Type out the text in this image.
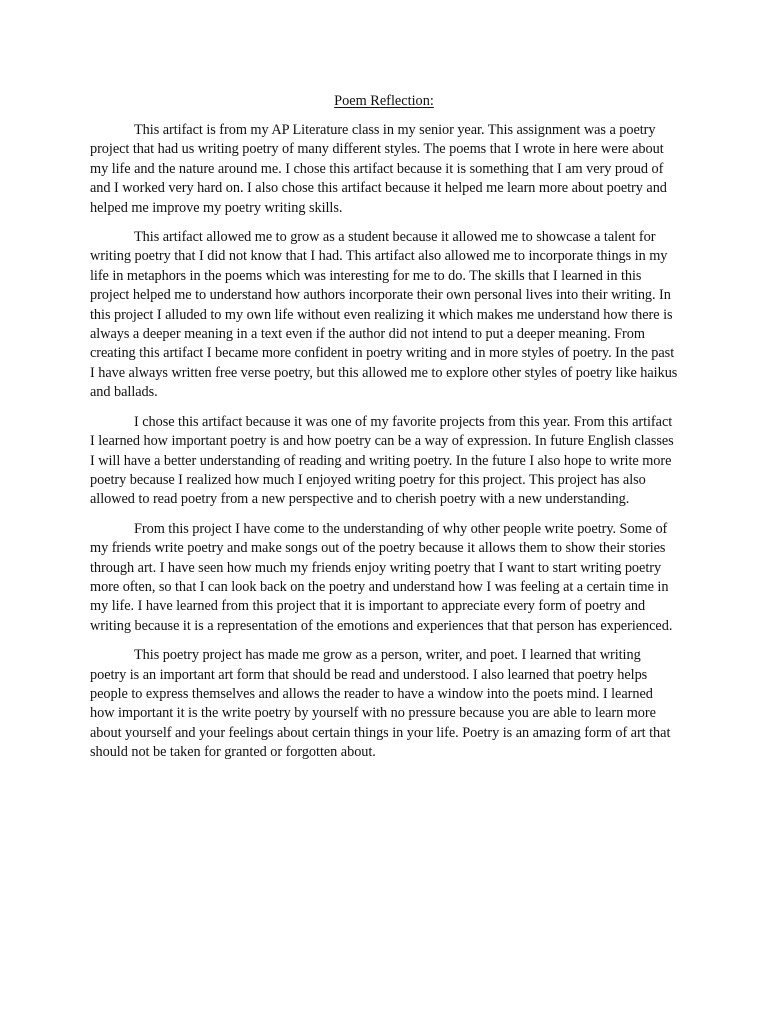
Poem Reflection:

This artifact is from my AP Literature class in my senior year. This assignment was a poetry project that had us writing poetry of many different styles. The poems that I wrote in here were about my life and the nature around me. I chose this artifact because it is something that I am very proud of and I worked very hard on. I also chose this artifact because it helped me learn more about poetry and helped me improve my poetry writing skills.

This artifact allowed me to grow as a student because it allowed me to showcase a talent for writing poetry that I did not know that I had. This artifact also allowed me to incorporate things in my life in metaphors in the poems which was interesting for me to do. The skills that I learned in this project helped me to understand how authors incorporate their own personal lives into their writing. In this project I alluded to my own life without even realizing it which makes me understand how there is always a deeper meaning in a text even if the author did not intend to put a deeper meaning. From creating this artifact I became more confident in poetry writing and in more styles of poetry. In the past I have always written free verse poetry, but this allowed me to explore other styles of poetry like haikus and ballads.

I chose this artifact because it was one of my favorite projects from this year. From this artifact I learned how important poetry is and how poetry can be a way of expression. In future English classes I will have a better understanding of reading and writing poetry. In the future I also hope to write more poetry because I realized how much I enjoyed writing poetry for this project. This project has also allowed to read poetry from a new perspective and to cherish poetry with a new understanding.

From this project I have come to the understanding of why other people write poetry. Some of my friends write poetry and make songs out of the poetry because it allows them to show their stories through art. I have seen how much my friends enjoy writing poetry that I want to start writing poetry more often, so that I can look back on the poetry and understand how I was feeling at a certain time in my life. I have learned from this project that it is important to appreciate every form of poetry and writing because it is a representation of the emotions and experiences that that person has experienced.

This poetry project has made me grow as a person, writer, and poet. I learned that writing poetry is an important art form that should be read and understood. I also learned that poetry helps people to express themselves and allows the reader to have a window into the poets mind. I learned how important it is the write poetry by yourself with no pressure because you are able to learn more about yourself and your feelings about certain things in your life. Poetry is an amazing form of art that should not be taken for granted or forgotten about.
